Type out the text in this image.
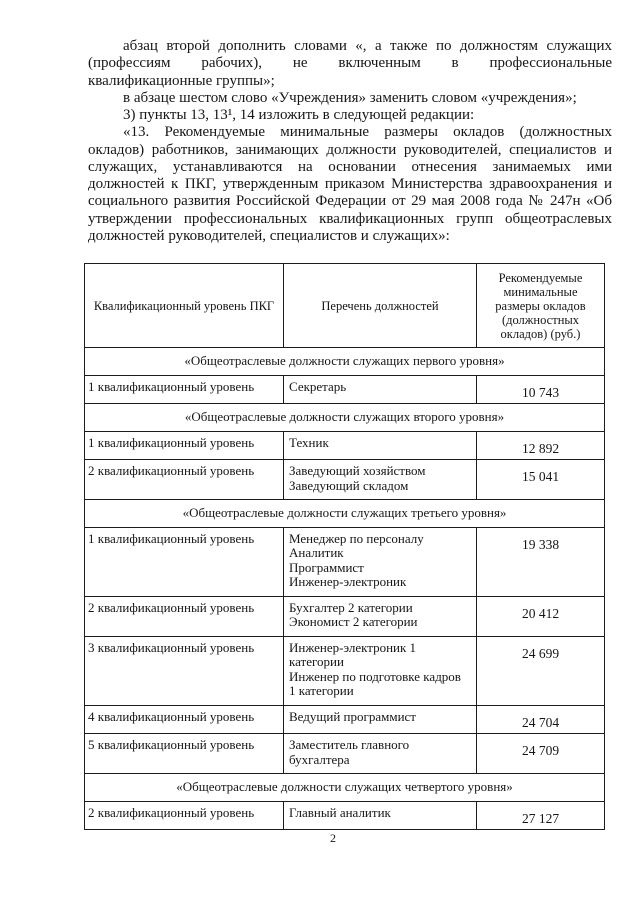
абзац второй дополнить словами «, а также по должностям служащих
(профессиям рабочих), не включенным в профессиональные
квалификационные группы»;
в абзаце шестом слово «Учреждения» заменить словом «учреждения»;
3) пункты 13, 13¹, 14 изложить в следующей редакции:
«13. Рекомендуемые минимальные размеры окладов (должностных
окладов) работников, занимающих должности руководителей, специалистов и
служащих, устанавливаются на основании отнесения занимаемых ими
должностей к ПКГ, утвержденным приказом Министерства здравоохранения и
социального развития Российской Федерации от 29 мая 2008 года № 247н «Об
утверждении профессиональных квалификационных групп общеотраслевых
должностей руководителей, специалистов и служащих»:
Квалификационный уровень ПКГ	Перечень должностей	Рекомендуемые минимальные размеры окладов (должностных окладов) (руб.)
«Общеотраслевые должности служащих первого уровня»		
1 квалификационный уровень	Секретарь	10 743
«Общеотраслевые должности служащих второго уровня»		
1 квалификационный уровень	Техник	12 892
2 квалификационный уровень	Заведующий хозяйством
Заведующий складом	15 041
«Общеотраслевые должности служащих третьего уровня»		
1 квалификационный уровень	Менеджер по персоналу
Аналитик
Программист
Инженер-электроник	19 338
2 квалификационный уровень	Бухгалтер 2 категории
Экономист 2 категории	20 412
3 квалификационный уровень	Инженер-электроник 1
категории
Инженер по подготовке кадров
1 категории	24 699
4 квалификационный уровень	Ведущий программист	24 704
5 квалификационный уровень	Заместитель главного
бухгалтера	24 709
«Общеотраслевые должности служащих четвертого уровня»		
2 квалификационный уровень	Главный аналитик	27 127
2
